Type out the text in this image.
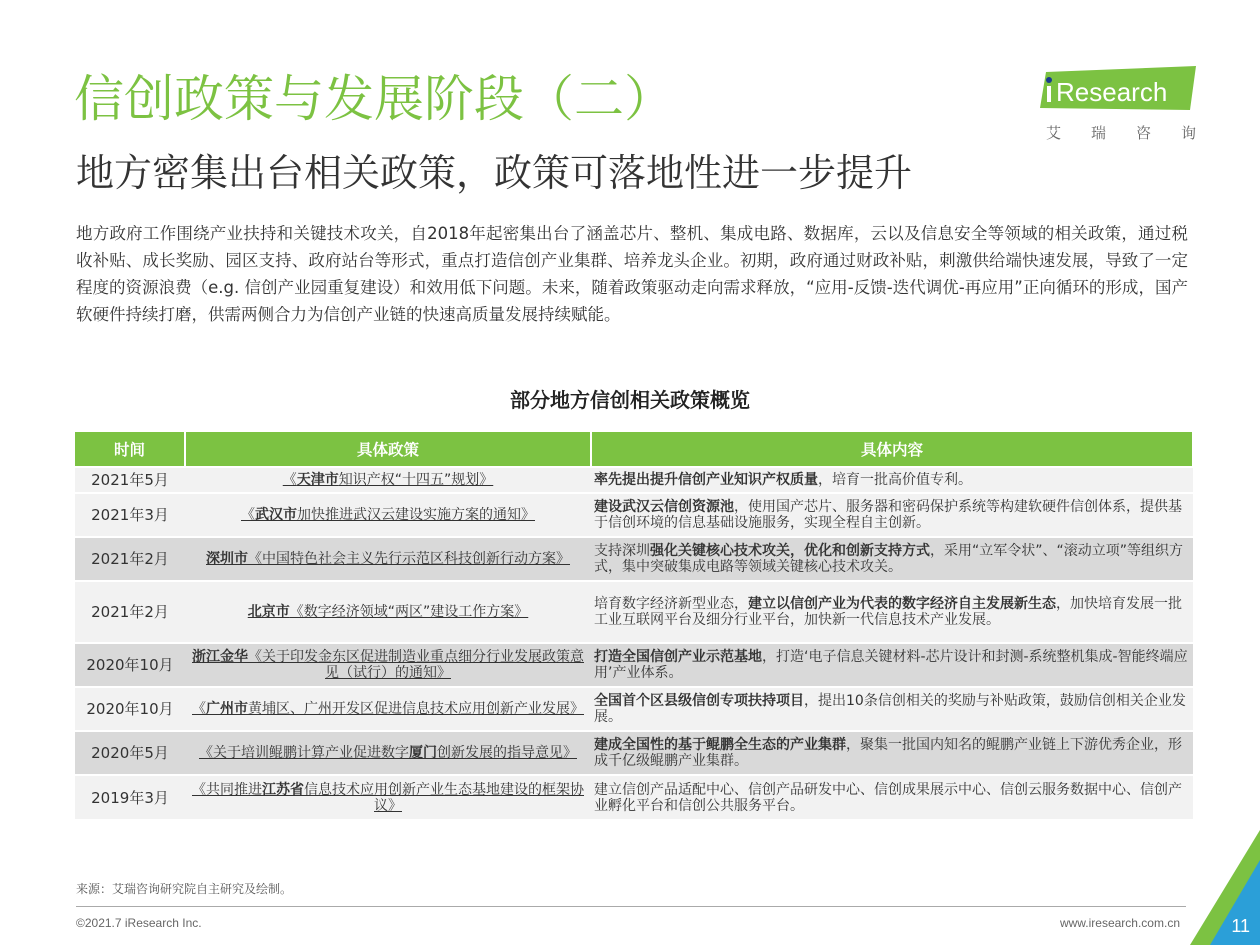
信创政策与发展阶段（二）
地方密集出台相关政策，政策可落地性进一步提升
Research
艾 瑞 咨 询
地方政府工作围绕产业扶持和关键技术攻关，自2018年起密集出台了涵盖芯片、整机、集成电路、数据库，云以及信息安全等领域的相关政策，通过税收补贴、成长奖励、园区支持、政府站台等形式，重点打造信创产业集群、培养龙头企业。初期，政府通过财政补贴，刺激供给端快速发展，导致了一定程度的资源浪费（e.g. 信创产业园重复建设）和效用低下问题。未来，随着政策驱动走向需求释放，“应用-反馈-迭代调优-再应用”正向循环的形成，国产软硬件持续打磨，供需两侧合力为信创产业链的快速高质量发展持续赋能。
部分地方信创相关政策概览
时间	具体政策	具体内容
2021年5月	《天津市知识产权“十四五”规划》	率先提出提升信创产业知识产权质量，培育一批高价值专利。
2021年3月	《武汉市加快推进武汉云建设实施方案的通知》	建设武汉云信创资源池，使用国产芯片、服务器和密码保护系统等构建软硬件信创体系，提供基于信创环境的信息基础设施服务，实现全程自主创新。
2021年2月	深圳市《中国特色社会主义先行示范区科技创新行动方案》	支持深圳强化关键核心技术攻关，优化和创新支持方式，采用“立军令状”、“滚动立项”等组织方式，集中突破集成电路等领域关键核心技术攻关。
2021年2月	北京市《数字经济领域“两区”建设工作方案》	培育数字经济新型业态，建立以信创产业为代表的数字经济自主发展新生态，加快培育发展一批工业互联网平台及细分行业平台，加快新一代信息技术产业发展。
2020年10月	浙江金华《关于印发金东区促进制造业重点细分行业发展政策意见（试行）的通知》	打造全国信创产业示范基地，打造‘电子信息关键材料-芯片设计和封测-系统整机集成-智能终端应用’产业体系。
2020年10月	《广州市黄埔区、广州开发区促进信息技术应用创新产业发展》	全国首个区县级信创专项扶持项目，提出10条信创相关的奖励与补贴政策，鼓励信创相关企业发展。
2020年5月	《关于培训鲲鹏计算产业促进数字厦门创新发展的指导意见》	建成全国性的基于鲲鹏全生态的产业集群，聚集一批国内知名的鲲鹏产业链上下游优秀企业，形成千亿级鲲鹏产业集群。
2019年3月	《共同推进江苏省信息技术应用创新产业生态基地建设的框架协议》	建立信创产品适配中心、信创产品研发中心、信创成果展示中心、信创云服务数据中心、信创产业孵化平台和信创公共服务平台。
来源：艾瑞咨询研究院自主研究及绘制。
©2021.7 iResearch Inc.	www.iresearch.com.cn	11
